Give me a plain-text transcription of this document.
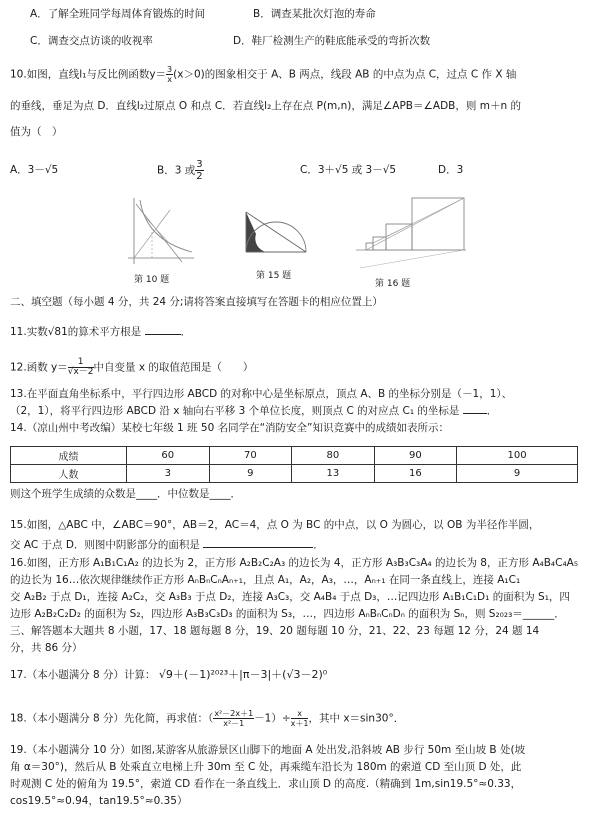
A．了解全班同学每周体育锻炼的时间	B．调查某批次灯泡的寿命
C．调查交点访谈的收视率	D．鞋厂检测生产的鞋底能承受的弯折次数
10.如图，直线l₁与反比例函数$y= \frac{3}{x} (x>0)$的图象相交于 A、B 两点，线段 AB 的中点为点 C，过点 C 作 X 轴
的垂线，垂足为点 D．直线l₂过原点 O 和点 C．若直线l₂上存在点 P(m,n)，满足∠APB＝∠ADB，则 m＋n 的
值为（　）
A．3－√5	B．3 或 $\frac{3}{2}$	C．3＋√5 或 3－√5	D．3
第 10 题	第 15 题
第 16 题
二、填空题（每小题 4 分，共 24 分;请将答案直接填写在答题卡的相应位置上）
11.实数√81的算术平方根是	．
12.函数 $y= \frac{1}{√x-2}$ 中自变量 x 的取值范围是（　　）
13.在平面直角坐标系中，平行四边形 ABCD 的对称中心是坐标原点，顶点 A、B 的坐标分别是（－1，1）、
（2，1），将平行四边形 ABCD 沿 x 轴向右平移 3 个单位长度，则顶点 C 的对应点 C₁ 的坐标是	．
14.（凉山州中考改编）某校七年级 1 班 50 名同学在“消防安全”知识竞赛中的成绩如表所示：
成绩	60	70	80	90	100
人数	3	9	13	16	9
则这个班学生成绩的众数是____．中位数是____．
15.如图，△ABC 中，∠ABC＝90°，AB＝2，AC＝4，点 O 为 BC 的中点，以 O 为圆心，以 OB 为半径作半圆，
交 AC 于点 D．则图中阴影部分的面积是	．
16.如图，正方形 A₁B₁C₁A₂ 的边长为 2，正方形 A₂B₂C₂A₃ 的边长为 4，正方形 A₃B₃C₃A₄ 的边长为 8，正方形 A₄B₄C₄A₅
的边长为 16…依次规律继续作正方形 AₙBₙCₙAₙ₊₁，且点 A₁，A₂，A₃，…，Aₙ₊₁ 在同一条直线上，连接 A₁C₁
交 A₂B₂ 于点 D₁，连接 A₂C₂，交 A₃B₃ 于点 D₂，连接 A₃C₃，交 A₄B₄ 于点 D₃，…记四边形 A₁B₁C₁D₁ 的面积为 S₁，四
边形 A₂B₂C₂D₂ 的面积为 S₂，四边形 A₃B₃C₃D₃ 的面积为 S₃，…，四边形 AₙBₙCₙDₙ 的面积为 Sₙ，则 S₂₀₂₃＝______．
三、解答题本大题共 8 小题，17、18 题每题 8 分，19、20 题每题 10 分，21、22、23 每题 12 分，24 题 14
分，共 86 分）
17.（本小题满分 8 分）计算： √9＋(－1)²⁰²³＋|π－3|＋(√3－2)⁰
18.（本小题满分 8 分）先化简，再求值：（ $\frac{\text{x²－2x＋1}}{\text{x²－1}} -1)\div \frac{x}{x+1}$ ，其中 x＝sin30°．
19.（本小题满分 10 分）如图,某游客从旅游景区山脚下的地面 A 处出发,沿斜坡 AB 步行 50m 至山坡 B 处(坡
角 α＝30°)，然后从 B 处乘直立电梯上升 30m 至 C 处，再乘缆车沿长为 180m 的索道 CD 至山顶 D 处，此
时观测 C 处的俯角为 19.5°，索道 CD 看作在一条直线上．求山顶 D 的高度.（精确到 1m,sin19.5°≈0.33，
cos19.5°≈0.94，tan19.5°≈0.35）
